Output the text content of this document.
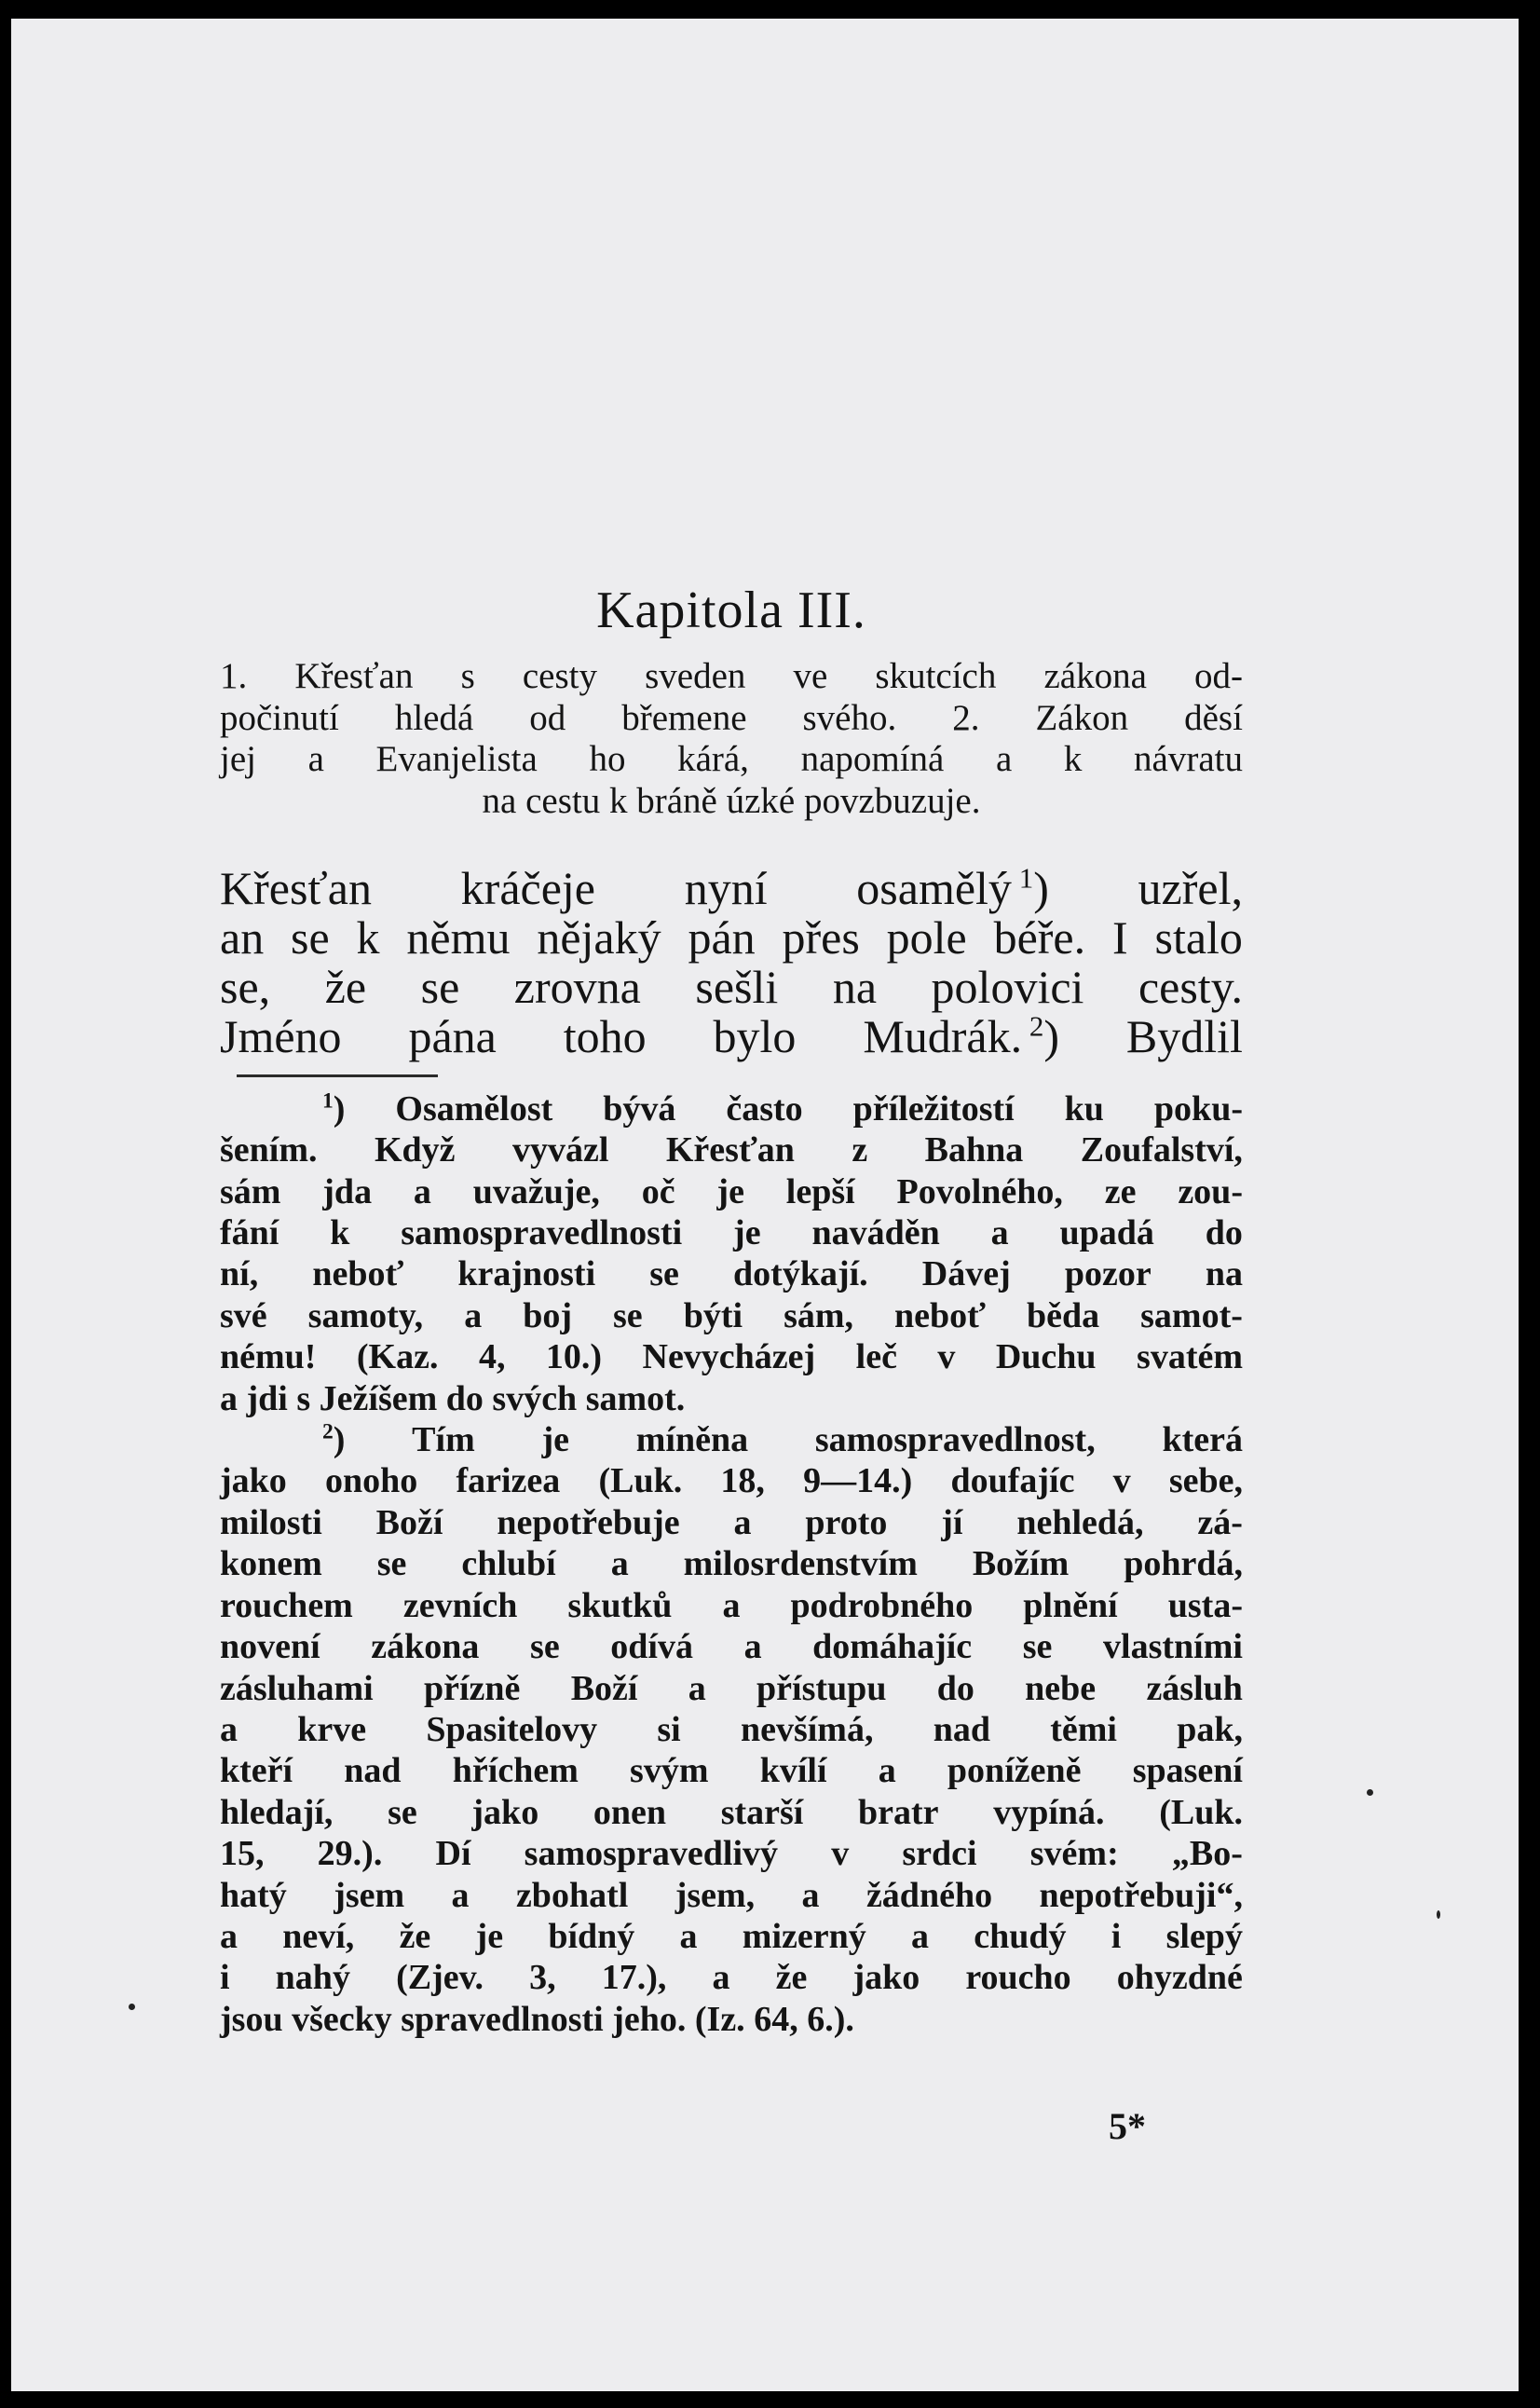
Kapitola III.
1. Křesťan s cesty sveden ve skutcích zákona od-
počinutí hledá od břemene svého. 2. Zákon děsí
jej a Evanjelista ho kárá, napomíná a k návratu
na cestu k bráně úzké povzbuzuje.
Křesťan kráčeje nyní osamělý $^1$) uzřel,
an se k němu nějaký pán přes pole béře. I stalo
se, že se zrovna sešli na polovici cesty.
Jméno pána toho bylo Mudrák. $^2$) Bydlil
$^1$) Osamělost bývá často příležitostí ku poku-
šením. Když vyvázl Křesťan z Bahna Zoufalství,
sám jda a uvažuje, oč je lepší Povolného, ze zou-
fání k samospravedlnosti je naváděn a upadá do
ní, neboť krajnosti se dotýkají. Dávej pozor na
své samoty, a boj se býti sám, neboť běda samot-
nému! (Kaz. 4, 10.) Nevycházej leč v Duchu svatém
a jdi s Ježíšem do svých samot.
$^2$) Tím je míněna samospravedlnost, která
jako onoho farizea (Luk. 18, 9—14.) doufajíc v sebe,
milosti Boží nepotřebuje a proto jí nehledá, zá-
konem se chlubí a milosrdenstvím Božím pohrdá,
rouchem zevních skutků a podrobného plnění usta-
novení zákona se odívá a domáhajíc se vlastními
zásluhami přízně Boží a přístupu do nebe zásluh
a krve Spasitelovy si nevšímá, nad těmi pak,
kteří nad hříchem svým kvílí a poníženě spasení
hledají, se jako onen starší bratr vypíná. (Luk.
15, 29.). Dí samospravedlivý v srdci svém: „Bo-
hatý jsem a zbohatl jsem, a žádného nepotřebuji“,
a neví, že je bídný a mizerný a chudý i slepý
i nahý (Zjev. 3, 17.), a že jako roucho ohyzdné
jsou všecky spravedlnosti jeho. (Iz. 64, 6.).
5*
